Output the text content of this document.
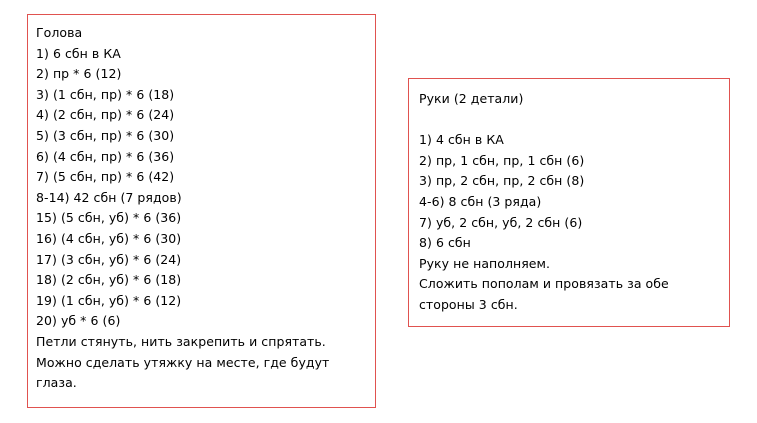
Голова
1) 6 сбн в КА
2) пр * 6 (12)
3) (1 сбн, пр) * 6 (18)
4) (2 сбн, пр) * 6 (24)
5) (3 сбн, пр) * 6 (30)
6) (4 сбн, пр) * 6 (36)
7) (5 сбн, пр) * 6 (42)
8-14) 42 сбн (7 рядов)
15) (5 сбн, уб) * 6 (36)
16) (4 сбн, уб) * 6 (30)
17) (3 сбн, уб) * 6 (24)
18) (2 сбн, уб) * 6 (18)
19) (1 сбн, уб) * 6 (12)
20) уб * 6 (6)
Петли стянуть, нить закрепить и спрятать.
Можно сделать утяжку на месте, где будут
глаза.
Руки (2 детали)
1) 4 сбн в КА
2) пр, 1 сбн, пр, 1 сбн (6)
3) пр, 2 сбн, пр, 2 сбн (8)
4-6) 8 сбн (3 ряда)
7) уб, 2 сбн, уб, 2 сбн (6)
8) 6 сбн
Руку не наполняем.
Сложить пополам и провязать за обе
стороны 3 сбн.
